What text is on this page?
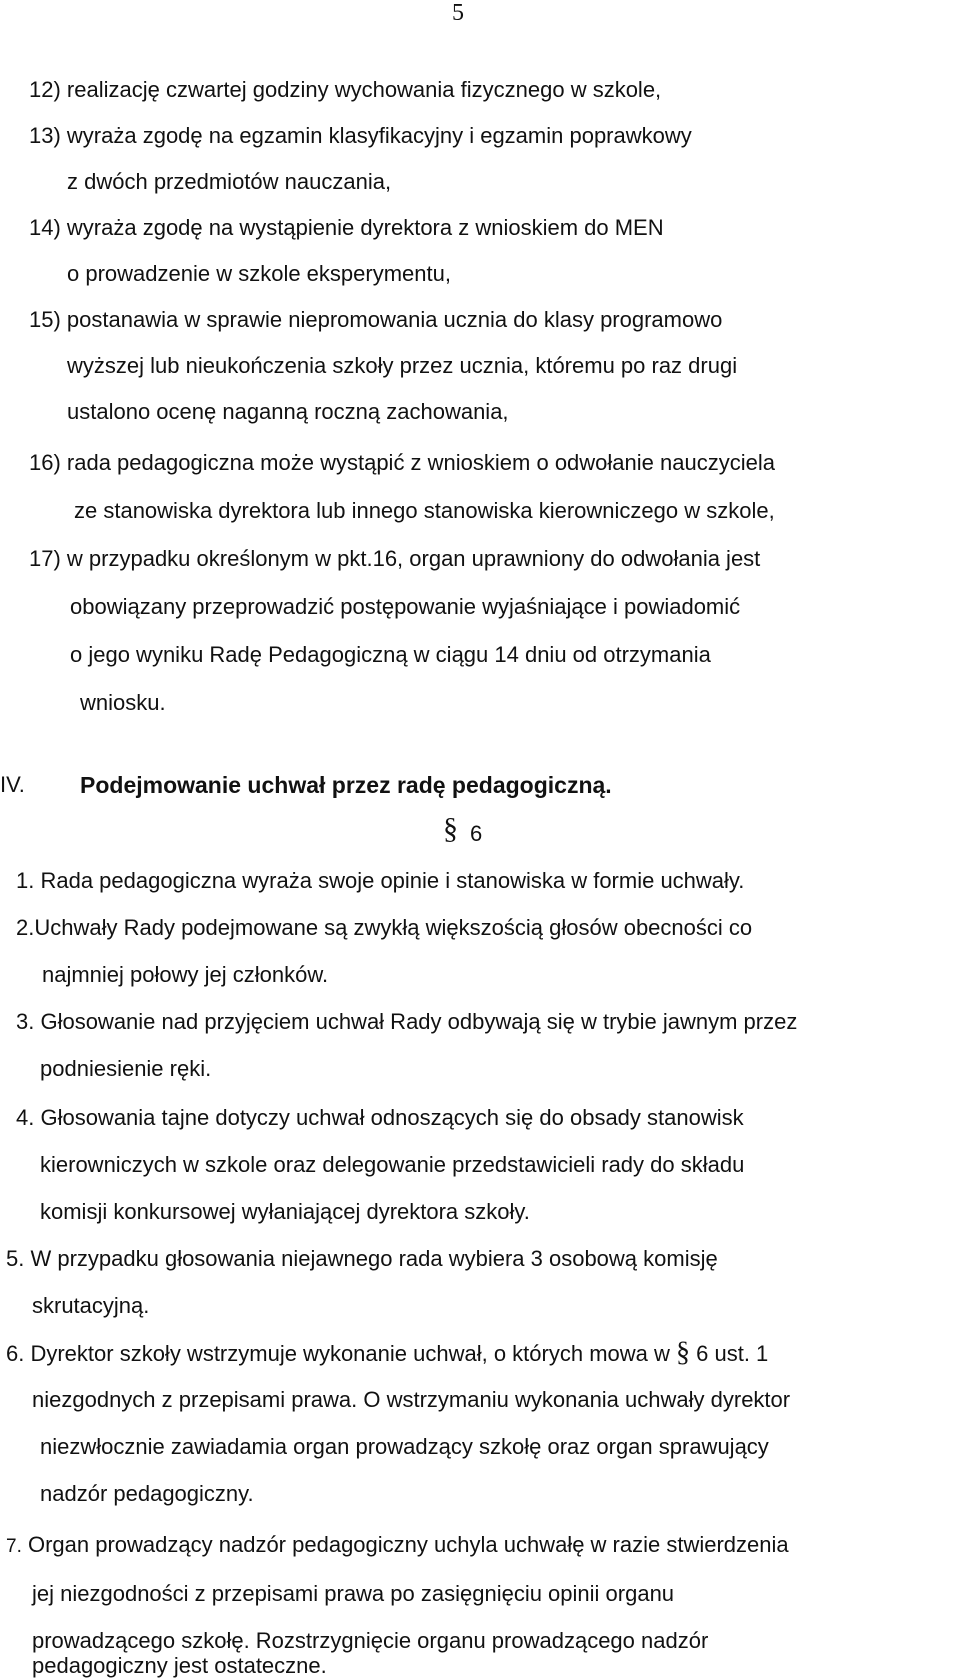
5
12) realizację czwartej godziny wychowania fizycznego w szkole,
13) wyraża zgodę na egzamin klasyfikacyjny i egzamin poprawkowy
z dwóch przedmiotów nauczania,
14) wyraża zgodę na wystąpienie dyrektora z wnioskiem do MEN
o prowadzenie w szkole eksperymentu,
15) postanawia w sprawie niepromowania ucznia do klasy programowo
wyższej lub nieukończenia szkoły przez ucznia, któremu po raz drugi
ustalono ocenę naganną roczną zachowania,
16) rada pedagogiczna może wystąpić z wnioskiem o odwołanie nauczyciela
ze stanowiska dyrektora lub innego stanowiska kierowniczego w szkole,
17) w przypadku określonym w pkt.16, organ uprawniony do odwołania jest
obowiązany przeprowadzić postępowanie wyjaśniające i powiadomić
o jego wyniku Radę Pedagogiczną w ciągu 14 dniu od otrzymania
wniosku.
IV. Podejmowanie uchwał przez radę pedagogiczną.
§ 6
1. Rada pedagogiczna wyraża swoje opinie i stanowiska w formie uchwały.
2.Uchwały Rady podejmowane są zwykłą większością głosów obecności co
najmniej połowy jej członków.
3. Głosowanie nad przyjęciem uchwał Rady odbywają się w trybie jawnym przez
podniesienie ręki.
4. Głosowania tajne dotyczy uchwał odnoszących się do obsady stanowisk
kierowniczych w szkole oraz delegowanie przedstawicieli rady do składu
komisji konkursowej wyłaniającej dyrektora szkoły.
5. W przypadku głosowania niejawnego rada wybiera 3 osobową komisję
skrutacyjną.
6. Dyrektor szkoły wstrzymuje wykonanie uchwał, o których mowa w § 6 ust. 1
niezgodnych z przepisami prawa. O wstrzymaniu wykonania uchwały dyrektor
niezwłocznie zawiadamia organ prowadzący szkołę oraz organ sprawujący
nadzór pedagogiczny.
7. Organ prowadzący nadzór pedagogiczny uchyla uchwałę w razie stwierdzenia
jej niezgodności z przepisami prawa po zasięgnięciu opinii organu
prowadzącego szkołę. Rozstrzygnięcie organu prowadzącego nadzór
pedagogiczny jest ostateczne.
